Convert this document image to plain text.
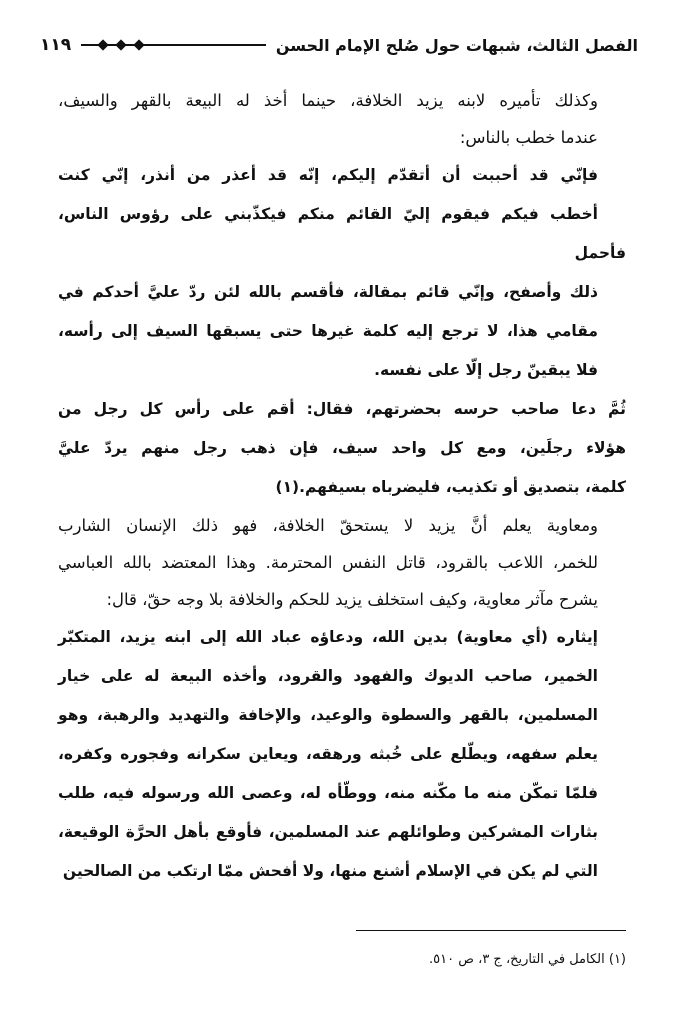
الفصل الثالث، شبهات حول صُلح الإمام الحسن
١١٩
وكذلك تأميره لابنه يزيد الخلافة، حينما أخذ له البيعة بالقهر والسيف،
عندما خطب بالناس:
فإنّي قد أحببت أن أتقدّم إليكم، إنّه قد أعذر من أنذر، إنّي كنت
أخطب فيكم فيقوم إليّ القائم منكم فيكذّبني على رؤوس الناس، فأحمل
ذلك وأصفح، وإنّي قائم بمقالة، فأقسم بالله لئن ردّ عليَّ أحدكم في
مقامي هذا، لا ترجع إليه كلمة غيرها حتى يسبقها السيف إلى رأسه،
فلا يبقينّ رجل إلّا على نفسه.
ثُمَّ دعا صاحب حرسه بحضرتهم، فقال: أقم على رأس كل رجل من
هؤلاء رجلَين، ومع كل واحد سيف، فإن ذهب رجل منهم يردّ عليَّ
كلمة، بتصديق أو تكذيب، فليضرباه بسيفهم.(١)
ومعاوية يعلم أنَّ يزيد لا يستحقّ الخلافة، فهو ذلك الإنسان الشارب
للخمر، اللاعب بالقرود، قاتل النفس المحترمة. وهذا المعتضد بالله العباسي
يشرح مآثر معاوية، وكيف استخلف يزيد للحكم والخلافة بلا وجه حقّ، قال:
إيثاره (أي معاوية) بدين الله، ودعاؤه عباد الله إلى ابنه يزيد، المتكبّر
الخمير، صاحب الديوك والفهود والقرود، وأخذه البيعة له على خيار
المسلمين، بالقهر والسطوة والوعيد، والإخافة والتهديد والرهبة، وهو
يعلم سفهه، ويطّلع على خُبثه ورهقه، ويعاين سكرانه وفجوره وكفره،
فلمّا تمكّن منه ما مكّنه منه، ووطّأه له، وعصى الله ورسوله فيه، طلب
بثارات المشركين وطوائلهم عند المسلمين، فأوقع بأهل الحرَّة الوقيعة،
التي لم يكن في الإسلام أشنع منها، ولا أفحش ممّا ارتكب من الصالحين
(١) الكامل في التاريخ، ج ٣، ص ٥١٠.
